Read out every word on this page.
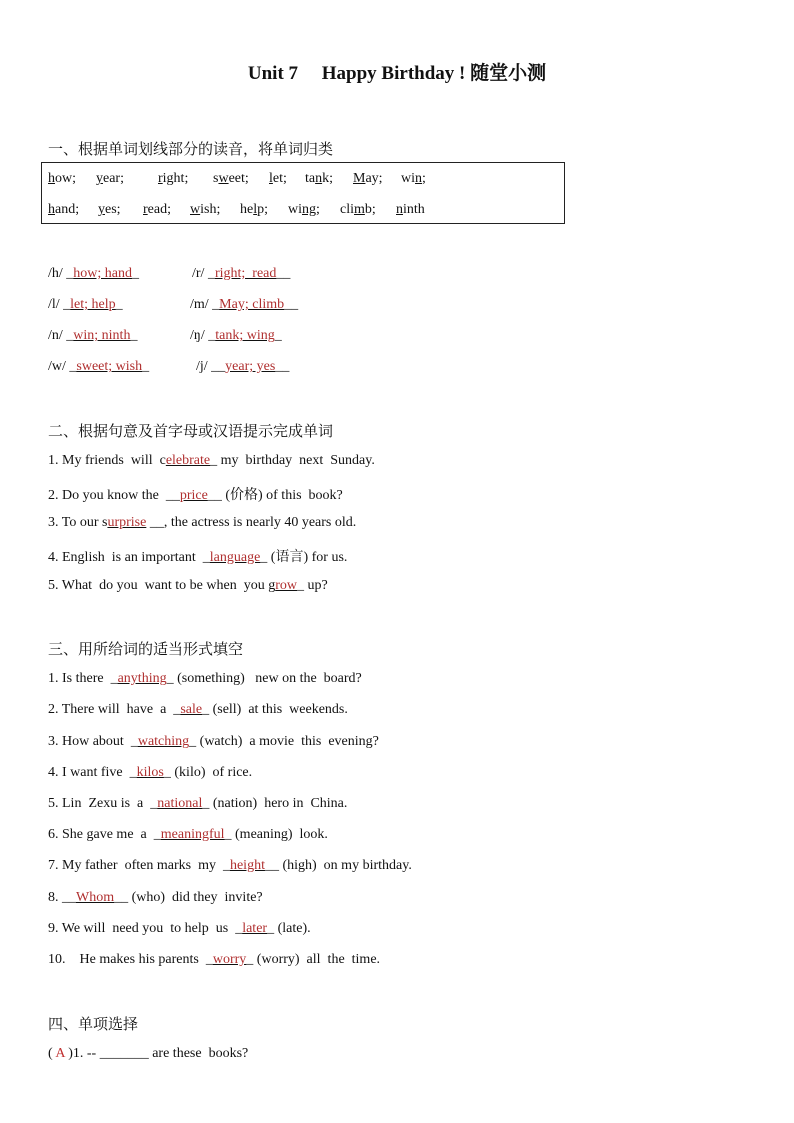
Unit 7     Happy Birthday ! 随堂小测
一、根据单词划线部分的读音，将单词归类
how; year; right; sweet; let; tank; May; win;
hand; yes; read; wish; help; wing; climb; ninth
/h/ _how; hand_	/r/ _right;  read__
/l/ _let; help_	/m/ _May; climb__
/n/ _win; ninth_	/ŋ/ _tank; wing_
/w/ _sweet; wish_	/j/ __year; yes__
二、根据句意及首字母或汉语提示完成单词
1. My friends  will  celebrate_ my  birthday  next  Sunday.
2. Do you know the  __price__ (价格) of this  book?
3. To our surprise __, the actress is nearly 40 years old.
4. English  is an important  _language_ (语言) for us.
5. What  do you  want to be when  you grow_ up?
三、用所给词的适当形式填空
1. Is there  _anything_ (something)   new on the  board?
2. There will  have  a  _sale_ (sell)  at this  weekends.
3. How about  _watching_ (watch)  a movie  this  evening?
4. I want five  _kilos_ (kilo)  of rice.
5. Lin  Zexu is  a  _national_ (nation)  hero in  China.
6. She gave me  a  _meaningful_ (meaning)  look.
7. My father  often marks  my  _height__ (high)  on my birthday.
8. __Whom__ (who)  did they  invite?
9. We will  need you  to help  us  _later_ (late).
10.    He makes his parents  _worry_ (worry)  all  the  time.
四、单项选择
( A )1. -- _______ are these  books?
